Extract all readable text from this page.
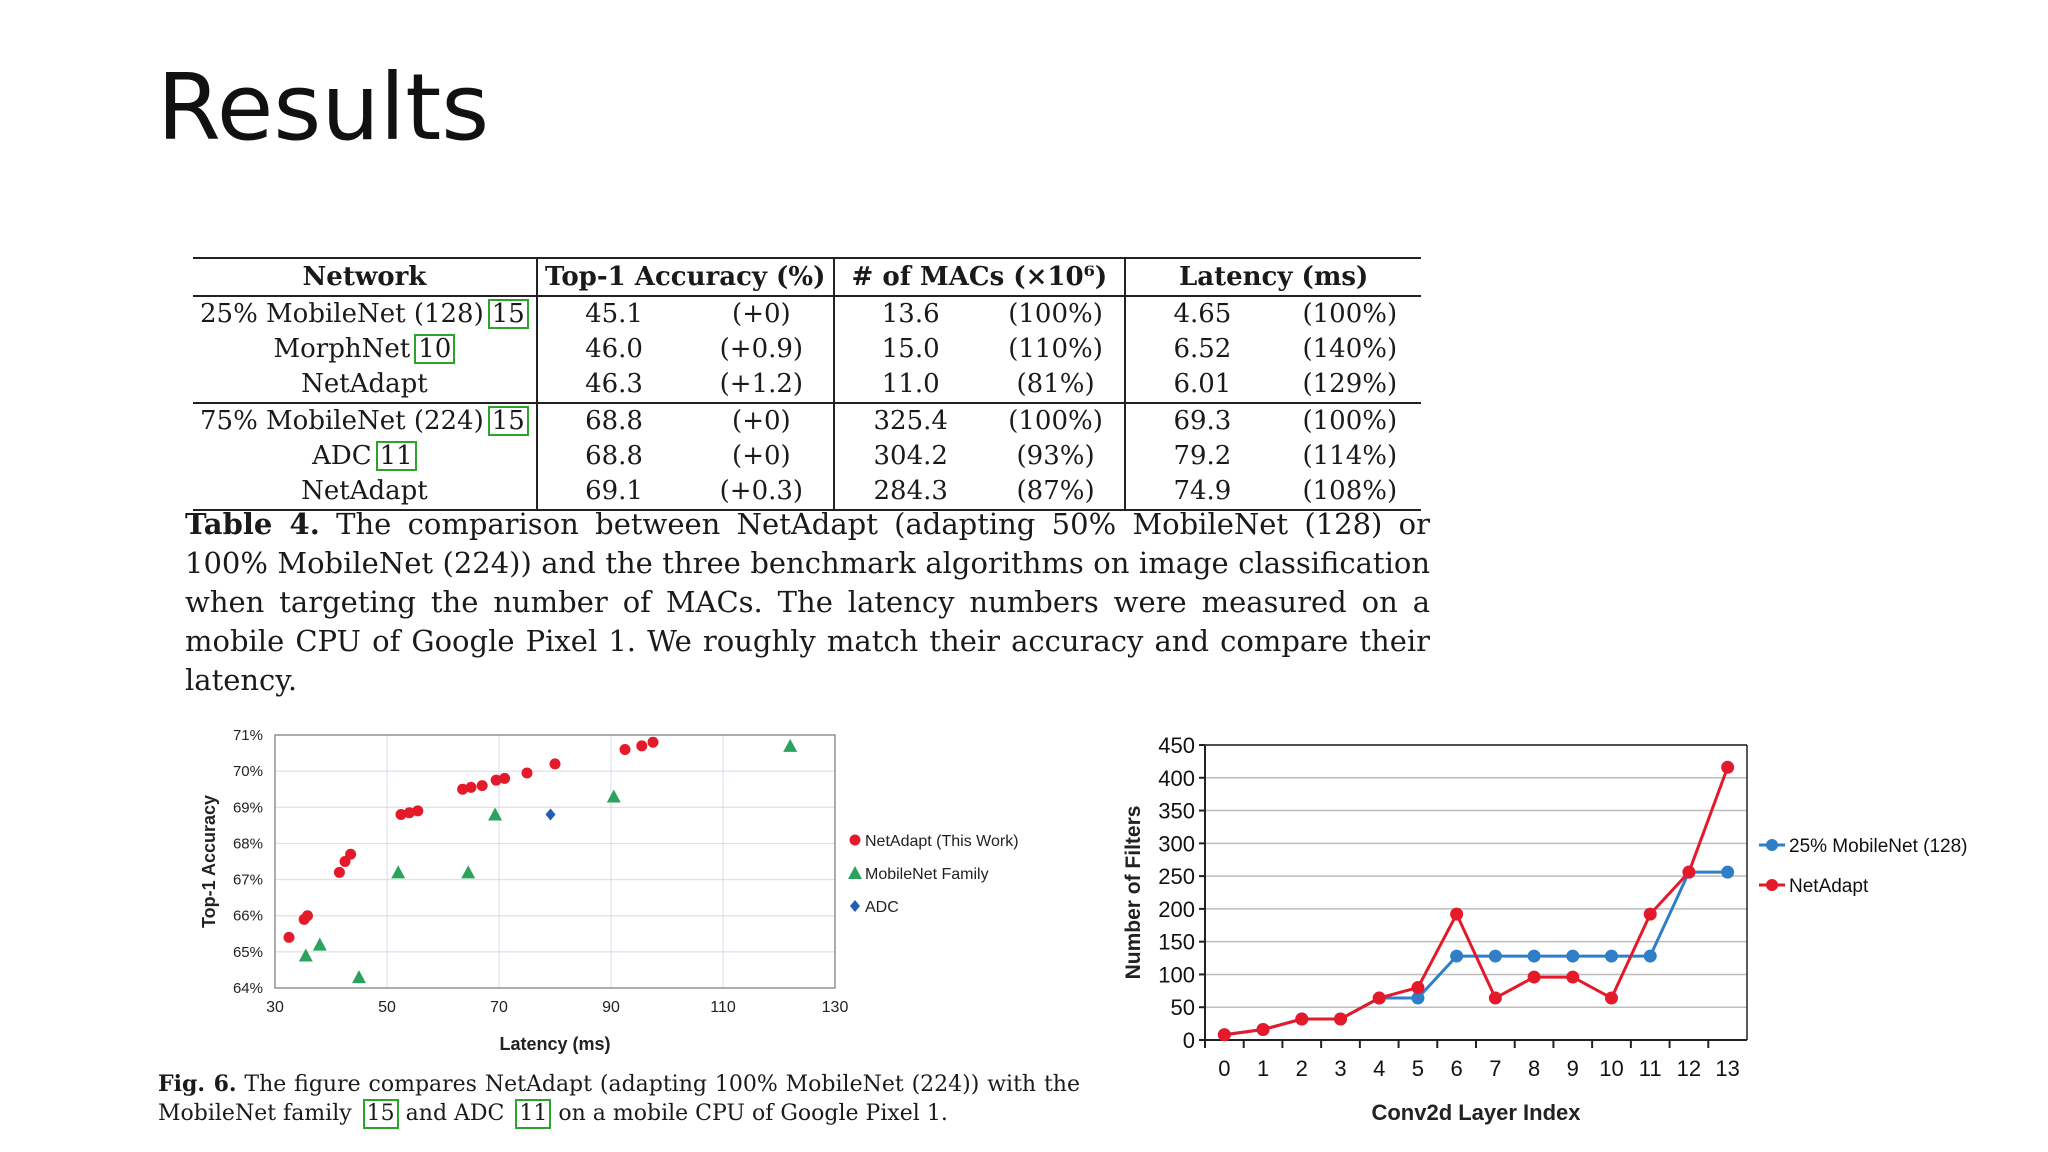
Results
Network	Top-1 Accuracy (%)		# of MACs (×10⁶)		Latency (ms)	
25% MobileNet (128) 15	45.1	(+0)	13.6	(100%)	4.65	(100%)
MorphNet 10	46.0	(+0.9)	15.0	(110%)	6.52	(140%)
NetAdapt	46.3	(+1.2)	11.0	(81%)	6.01	(129%)
75% MobileNet (224) 15	68.8	(+0)	325.4	(100%)	69.3	(100%)
ADC 11	68.8	(+0)	304.2	(93%)	79.2	(114%)
NetAdapt	69.1	(+0.3)	284.3	(87%)	74.9	(108%)
Table 4. The comparison between NetAdapt (adapting 50% MobileNet (128) or 100% MobileNet (224)) and the three benchmark algorithms on image classification when targeting the number of MACs. The latency numbers were measured on a mobile CPU of Google Pixel 1. We roughly match their accuracy and compare their latency.
30	50	70	90	110	130
64%
65%
66%
67%
68%
69%
70%
71%
Latency (ms)
Top-1 Accuracy	NetAdapt (This Work)
MobileNet Family
ADC
Fig. 6. The figure compares NetAdapt (adapting 100% MobileNet (224)) with the MobileNet family 15 and ADC 11 on a mobile CPU of Google Pixel 1.
0
50
100
150
200
250
300
350
400
450
0 1 2 3 4 5 6 7 8 9 10 11 12 13
Conv2d Layer Index
Number of Filters	25% MobileNet (128)
NetAdapt
